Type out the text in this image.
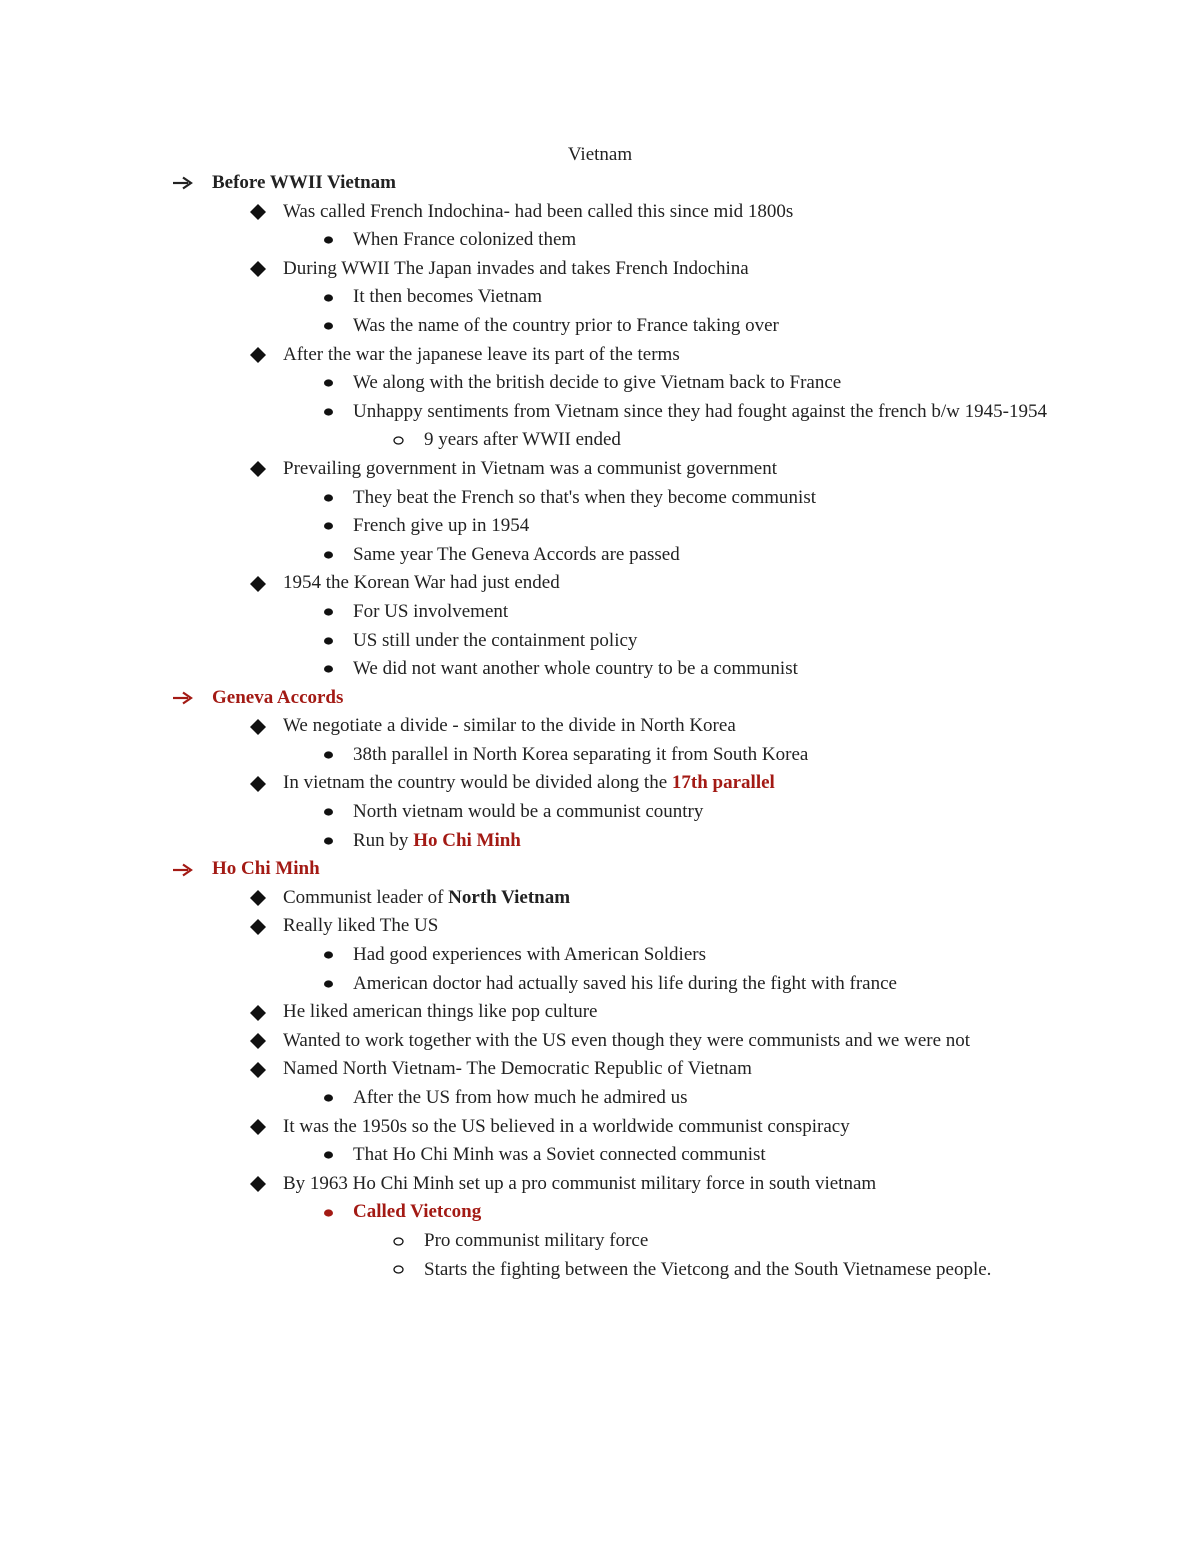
Vietnam
Before WWII Vietnam
Was called French Indochina- had been called this since mid 1800s
When France colonized them
During WWII The Japan invades and takes French Indochina
It then becomes Vietnam
Was the name of the country prior to France taking over
After the war the japanese leave its part of the terms
We along with the british decide to give Vietnam back to France
Unhappy sentiments from Vietnam since they had fought against the french b/w 1945-1954
9 years after WWII ended
Prevailing government in Vietnam was a communist government
They beat the French so that's when they become communist
French give up in 1954
Same year The Geneva Accords are passed
1954 the Korean War had just ended
For US involvement
US still under the containment policy
We did not want another whole country to be a communist
Geneva Accords
We negotiate a divide - similar to the divide in North Korea
38th parallel in North Korea separating it from South Korea
In vietnam the country would be divided along the 17th parallel
North vietnam would be a communist country
Run by Ho Chi Minh
Ho Chi Minh
Communist leader of North Vietnam
Really liked The US
Had good experiences with American Soldiers
American doctor had actually saved his life during the fight with france
He liked american things like pop culture
Wanted to work together with the US even though they were communists and we were not
Named North Vietnam- The Democratic Republic of Vietnam
After the US from how much he admired us
It was the 1950s so the US believed in a worldwide communist conspiracy
That Ho Chi Minh was a Soviet connected communist
By 1963 Ho Chi Minh set up a pro communist military force in south vietnam
Called Vietcong
Pro communist military force
Starts the fighting between the Vietcong and the South Vietnamese people.
